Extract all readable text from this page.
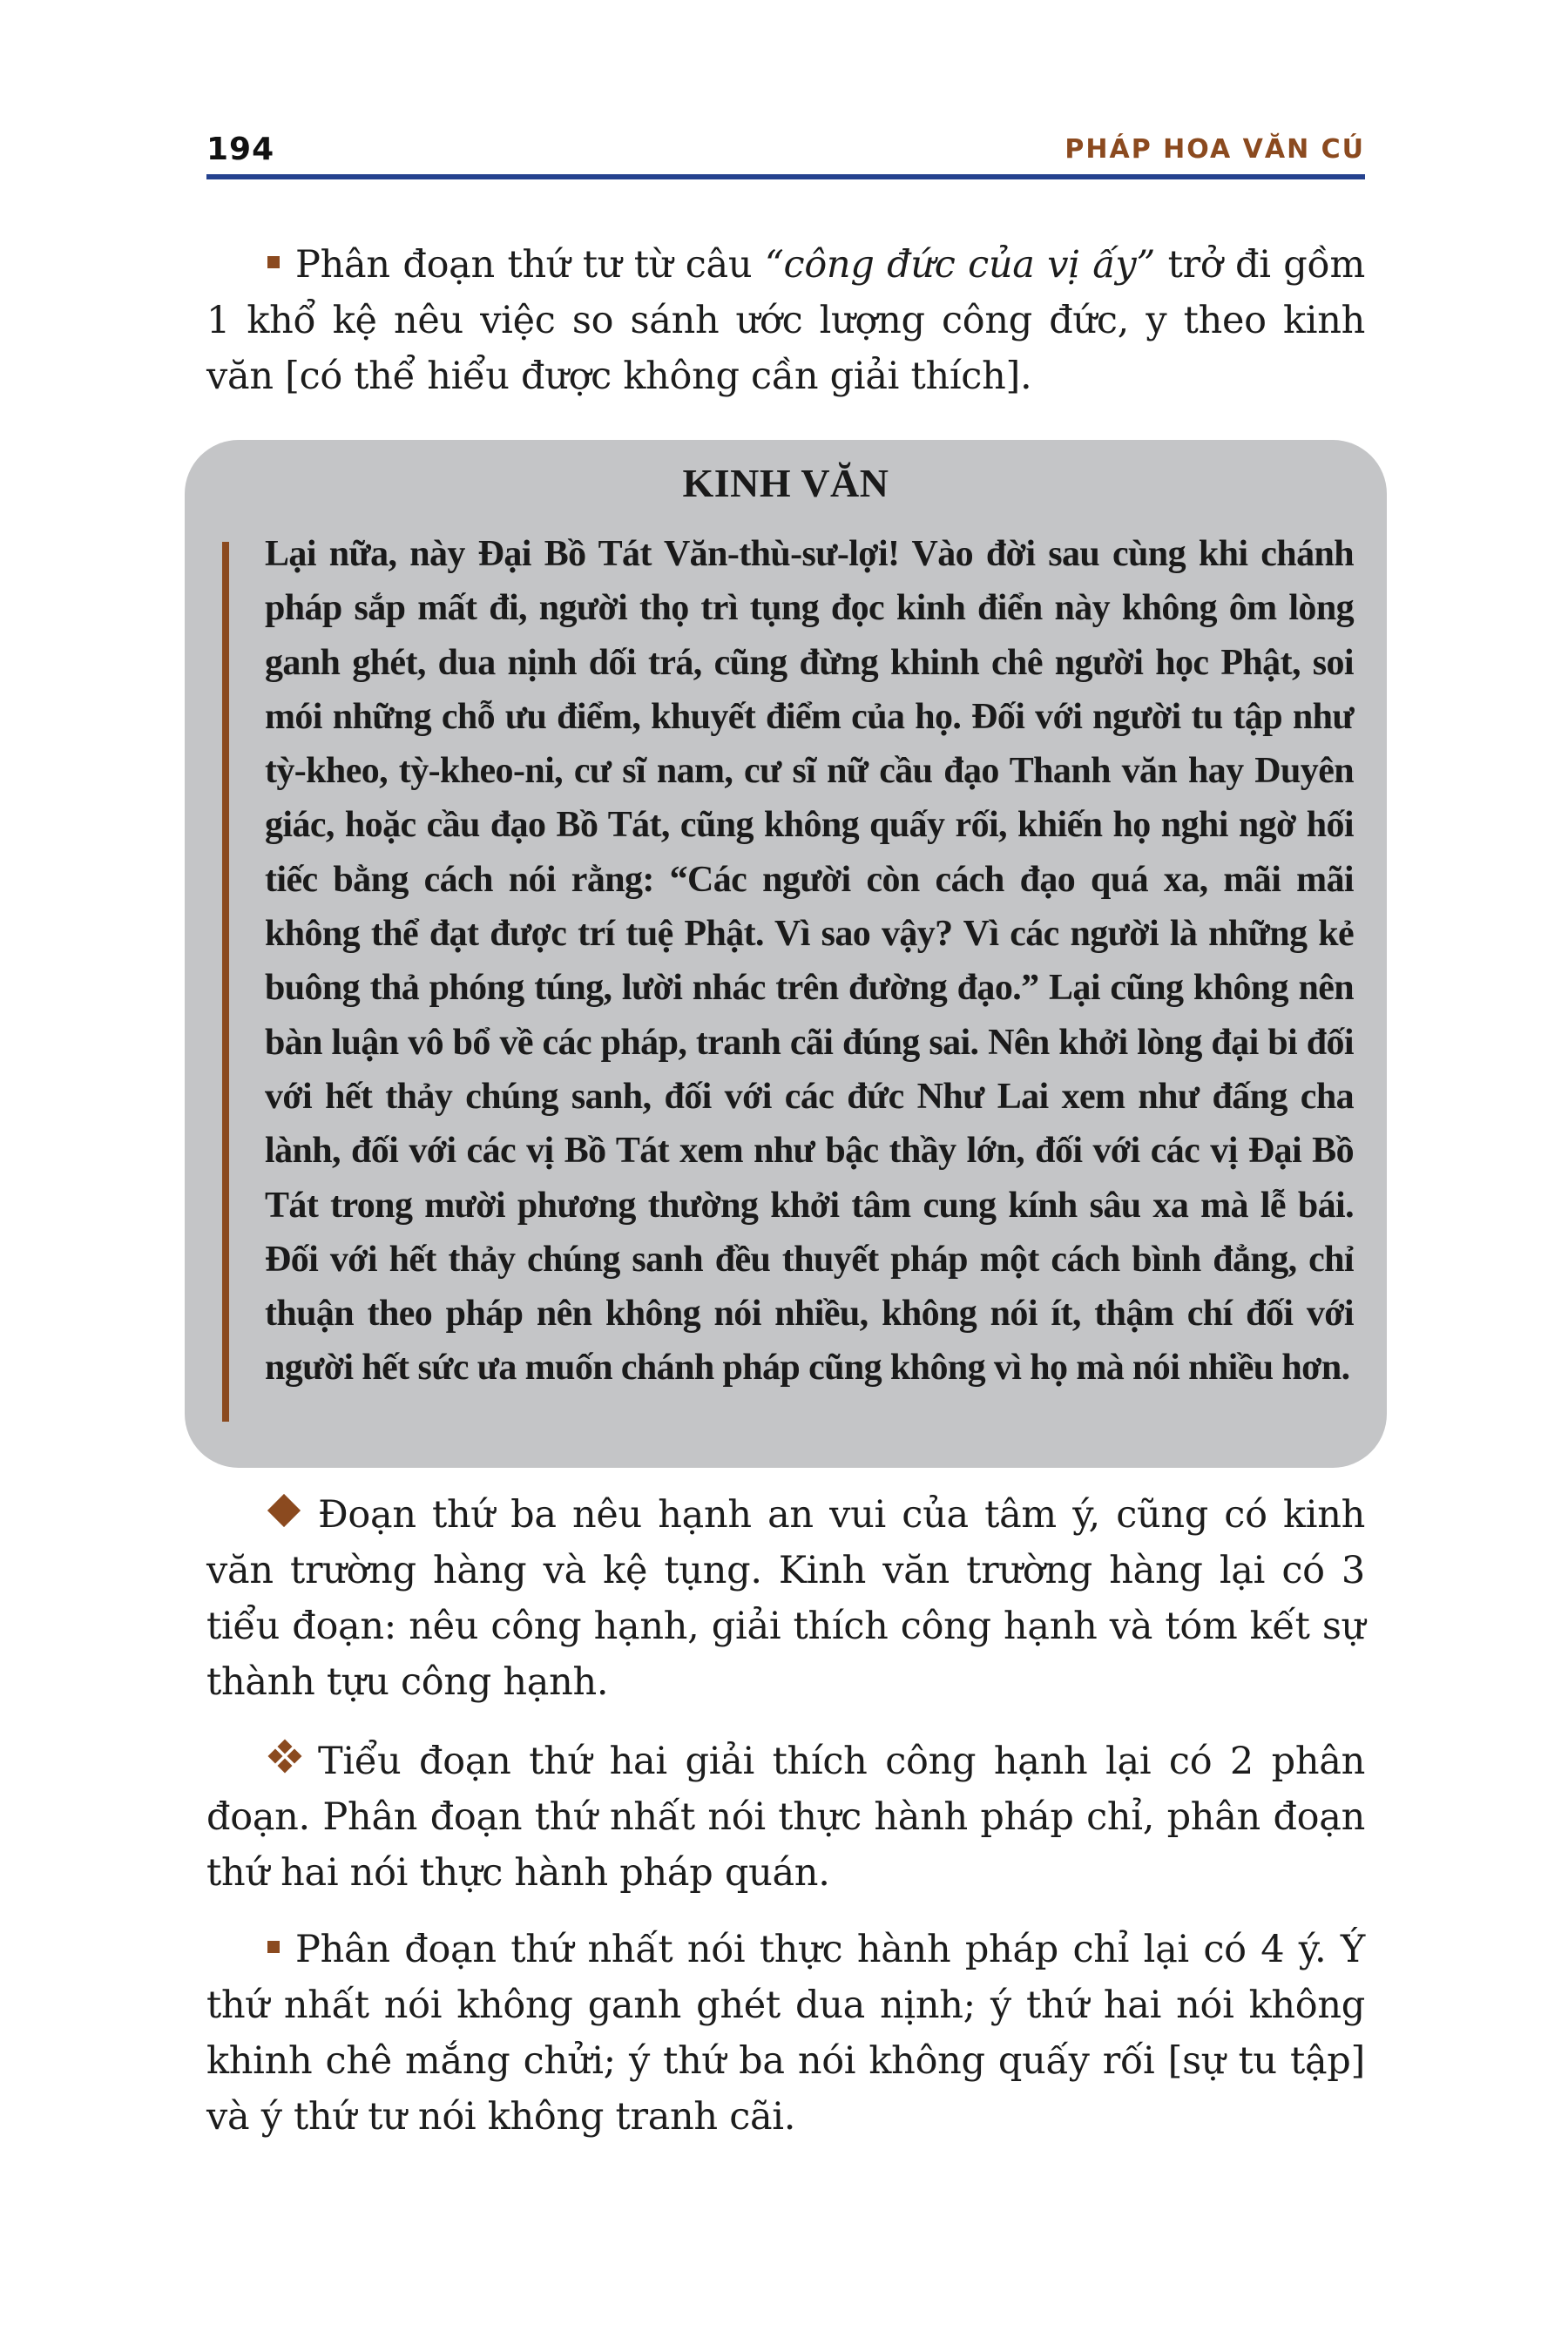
194	PHÁP HOA VĂN CÚ

Phân đoạn thứ tư từ câu “công đức của vị ấy” trở đi gồm 1 khổ kệ nêu việc so sánh ước lượng công đức, y theo kinh văn [có thể hiểu được không cần giải thích].

KINH VĂN
Lại nữa, này Đại Bồ Tát Văn-thù-sư-lợi! Vào đời sau cùng khi chánh pháp sắp mất đi, người thọ trì tụng đọc kinh điển này không ôm lòng ganh ghét, dua nịnh dối trá, cũng đừng khinh chê người học Phật, soi mói những chỗ ưu điểm, khuyết điểm của họ. Đối với người tu tập như tỳ-kheo, tỳ-kheo-ni, cư sĩ nam, cư sĩ nữ cầu đạo Thanh văn hay Duyên giác, hoặc cầu đạo Bồ Tát, cũng không quấy rối, khiến họ nghi ngờ hối tiếc bằng cách nói rằng: “Các người còn cách đạo quá xa, mãi mãi không thể đạt được trí tuệ Phật. Vì sao vậy? Vì các người là những kẻ buông thả phóng túng, lười nhác trên đường đạo.” Lại cũng không nên bàn luận vô bổ về các pháp, tranh cãi đúng sai. Nên khởi lòng đại bi đối với hết thảy chúng sanh, đối với các đức Như Lai xem như đấng cha lành, đối với các vị Bồ Tát xem như bậc thầy lớn, đối với các vị Đại Bồ Tát trong mười phương thường khởi tâm cung kính sâu xa mà lễ bái. Đối với hết thảy chúng sanh đều thuyết pháp một cách bình đẳng, chỉ thuận theo pháp nên không nói nhiều, không nói ít, thậm chí đối với người hết sức ưa muốn chánh pháp cũng không vì họ mà nói nhiều hơn.

Đoạn thứ ba nêu hạnh an vui của tâm ý, cũng có kinh văn trường hàng và kệ tụng. Kinh văn trường hàng lại có 3 tiểu đoạn: nêu công hạnh, giải thích công hạnh và tóm kết sự thành tựu công hạnh.

Tiểu đoạn thứ hai giải thích công hạnh lại có 2 phân đoạn. Phân đoạn thứ nhất nói thực hành pháp chỉ, phân đoạn thứ hai nói thực hành pháp quán.

Phân đoạn thứ nhất nói thực hành pháp chỉ lại có 4 ý. Ý thứ nhất nói không ganh ghét dua nịnh; ý thứ hai nói không khinh chê mắng chửi; ý thứ ba nói không quấy rối [sự tu tập] và ý thứ tư nói không tranh cãi.
